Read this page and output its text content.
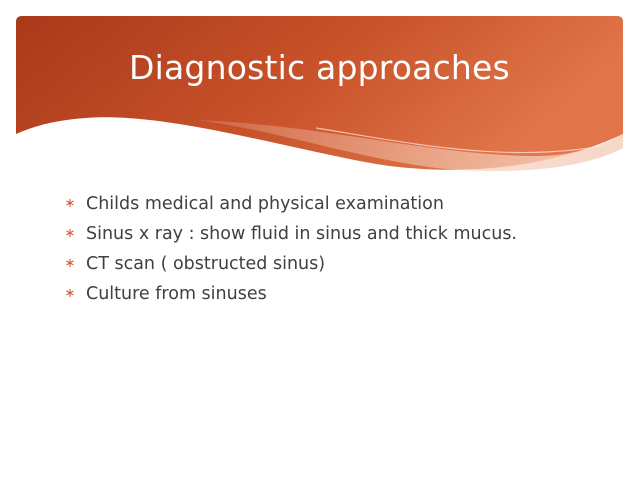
Diagnostic approaches
∗ Childs medical and physical examination
∗ Sinus x ray : show fluid in sinus and thick mucus.
∗ CT scan ( obstructed sinus)
∗ Culture from sinuses
